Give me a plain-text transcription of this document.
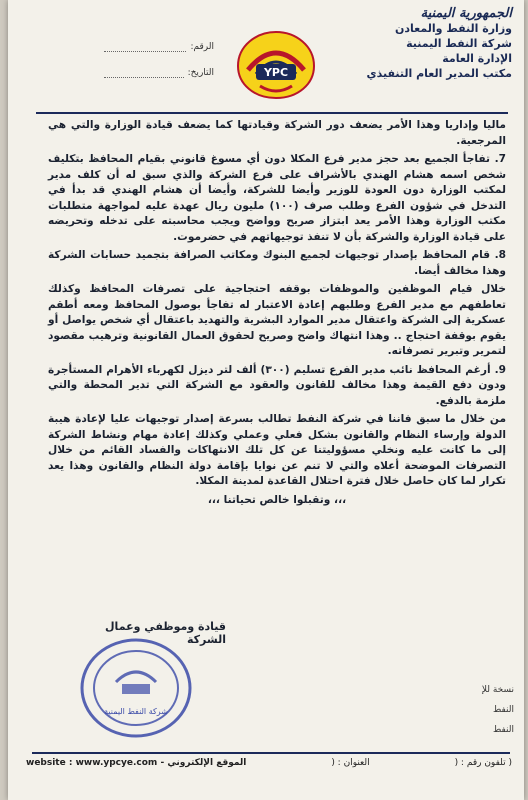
الجمهورية اليمنية
وزارة النفط والمعادن
شركة النفط اليمنية
الإدارة العامة
مكتب المدير العام التنفيذي
الرقم:
التاريخ:	YPC

ماليا وإداريا وهذا الأمر يضعف دور الشركة وقيادتها كما يضعف قيادة الوزارة والتي هي المرجعية.

7. تفاجأ الجميع بعد حجز مدير فرع المكلا دون أي مسوغ قانوني بقيام المحافظ بتكليف شخص اسمه هشام الهندي بالأشراف على فرع الشركة والذي سبق له أن كلف مدير لمكتب الوزارة دون العودة للوزير وأيضا للشركة، وأيضا أن هشام الهندي قد بدأ في التدخل في شؤون الفرع وطلب صرف (١٠٠) مليون ريال عهدة عليه لمواجهة متطلبات مكتب الوزارة وهذا الأمر يعد ابتزاز صريح وواضح ويجب محاسبته على تدخله وتحريضه على قيادة الوزارة والشركة بأن لا تنفذ توجيهاتهم في حضرموت.

8. قام المحافظ بإصدار توجيهات لجميع البنوك ومكاتب الصرافة بتجميد حسابات الشركة وهذا مخالف أيضا.

خلال قيام الموظفين والموظفات بوقفه احتجاجية على تصرفات المحافظ وكذلك تعاطفهم مع مدير الفرع وطلبهم إعادة الاعتبار له تفاجأ بوصول المحافظ ومعه أطقم عسكرية إلى الشركة واعتقال مدير الموارد البشرية والتهديد باعتقال أي شخص يواصل أو يقوم بوقفة احتجاج .. وهذا انتهاك واضح وصريح لحقوق العمال القانونية وترهيب مقصود لتمرير وتبرير تصرفاته.

9. أرغم المحافظ نائب مدير الفرع تسليم (٣٠٠) ألف لتر ديزل لكهرباء الأهرام المستأجرة ودون دفع القيمة وهذا مخالف للقانون والعقود مع الشركة التي تدير المحطة والتي ملزمة بالدفع.

من خلال ما سبق فاننا في شركة النفط تطالب بسرعة إصدار توجيهات عليا لإعادة هيبة الدولة وإرساء النظام والقانون بشكل فعلي وعملي وكذلك إعادة مهام ونشاط الشركة إلى ما كانت عليه ونخلي مسؤوليتنا عن كل تلك الانتهاكات والفساد القائم من خلال التصرفات الموضحة أعلاه والتي لا تنم عن نوايا بإقامة دولة النظام والقانون وهذا يعد تكرار لما كان حاصل خلال فترة احتلال القاعدة لمدينة المكلا.

،،، وتقبلوا خالص تحياتنا ،،،

قيادة وموظفي وعمال الشركة
شركة النفط اليمنية
نسخة للإ
النفط
النفط
website : www.ypcye.com - الموقع الإلكتروني	العنوان : (	( تلفون رقم : (
